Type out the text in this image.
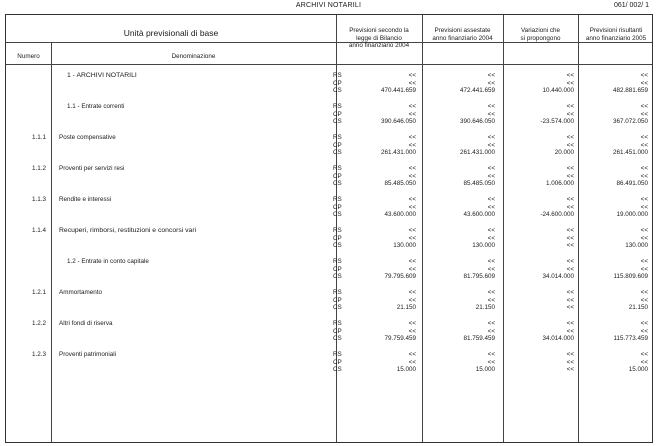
ARCHIVI NOTARILI	061/ 002/ 1
Unità previsionali di base
Numero	Denominazione
Previsioni secondo la
legge di Bilancio
anno finanziario 2004
Previsioni assestate
anno finanziario 2004
Variazioni che
si propongono
Previsioni risultanti
anno finanziario 2005
1 - ARCHIVI NOTARILI	RS	<<	<<	<<	<<
CP	<<	<<	<<	<<
CS	470.441.659	472.441.659	10.440.000	482.881.659
1.1 - Entrate correnti	RS	<<	<<	<<	<<
CP	<<	<<	<<	<<
CS	390.646.050	390.646.050	-23.574.000	367.072.050
1.1.1 Poste compensative	RS	<<	<<	<<	<<
CP	<<	<<	<<	<<
CS	261.431.000	261.431.000	20.000	261.451.000
1.1.2 Proventi per servizi resi	RS	<<	<<	<<	<<
CP	<<	<<	<<	<<
CS	85.485.050	85.485.050	1.006.000	86.491.050
1.1.3 Rendite e interessi	RS	<<	<<	<<	<<
CP	<<	<<	<<	<<
CS	43.600.000	43.600.000	-24.600.000	19.000.000
1.1.4 Recuperi, rimborsi, restituzioni e concorsi vari	RS	<<	<<	<<	<<
CP	<<	<<	<<	<<
CS	130.000	130.000	<<	130.000
1.2 - Entrate in conto capitale	RS	<<	<<	<<	<<
CP	<<	<<	<<	<<
CS	79.795.609	81.795.609	34.014.000	115.809.609
1.2.1 Ammortamento	RS	<<	<<	<<	<<
CP	<<	<<	<<	<<
CS	21.150	21.150	<<	21.150
1.2.2 Altri fondi di riserva	RS	<<	<<	<<	<<
CP	<<	<<	<<	<<
CS	79.759.459	81.759.459	34.014.000	115.773.459
1.2.3 Proventi patrimoniali	RS	<<	<<	<<	<<
CP	<<	<<	<<	<<
CS	15.000	15.000	<<	15.000
